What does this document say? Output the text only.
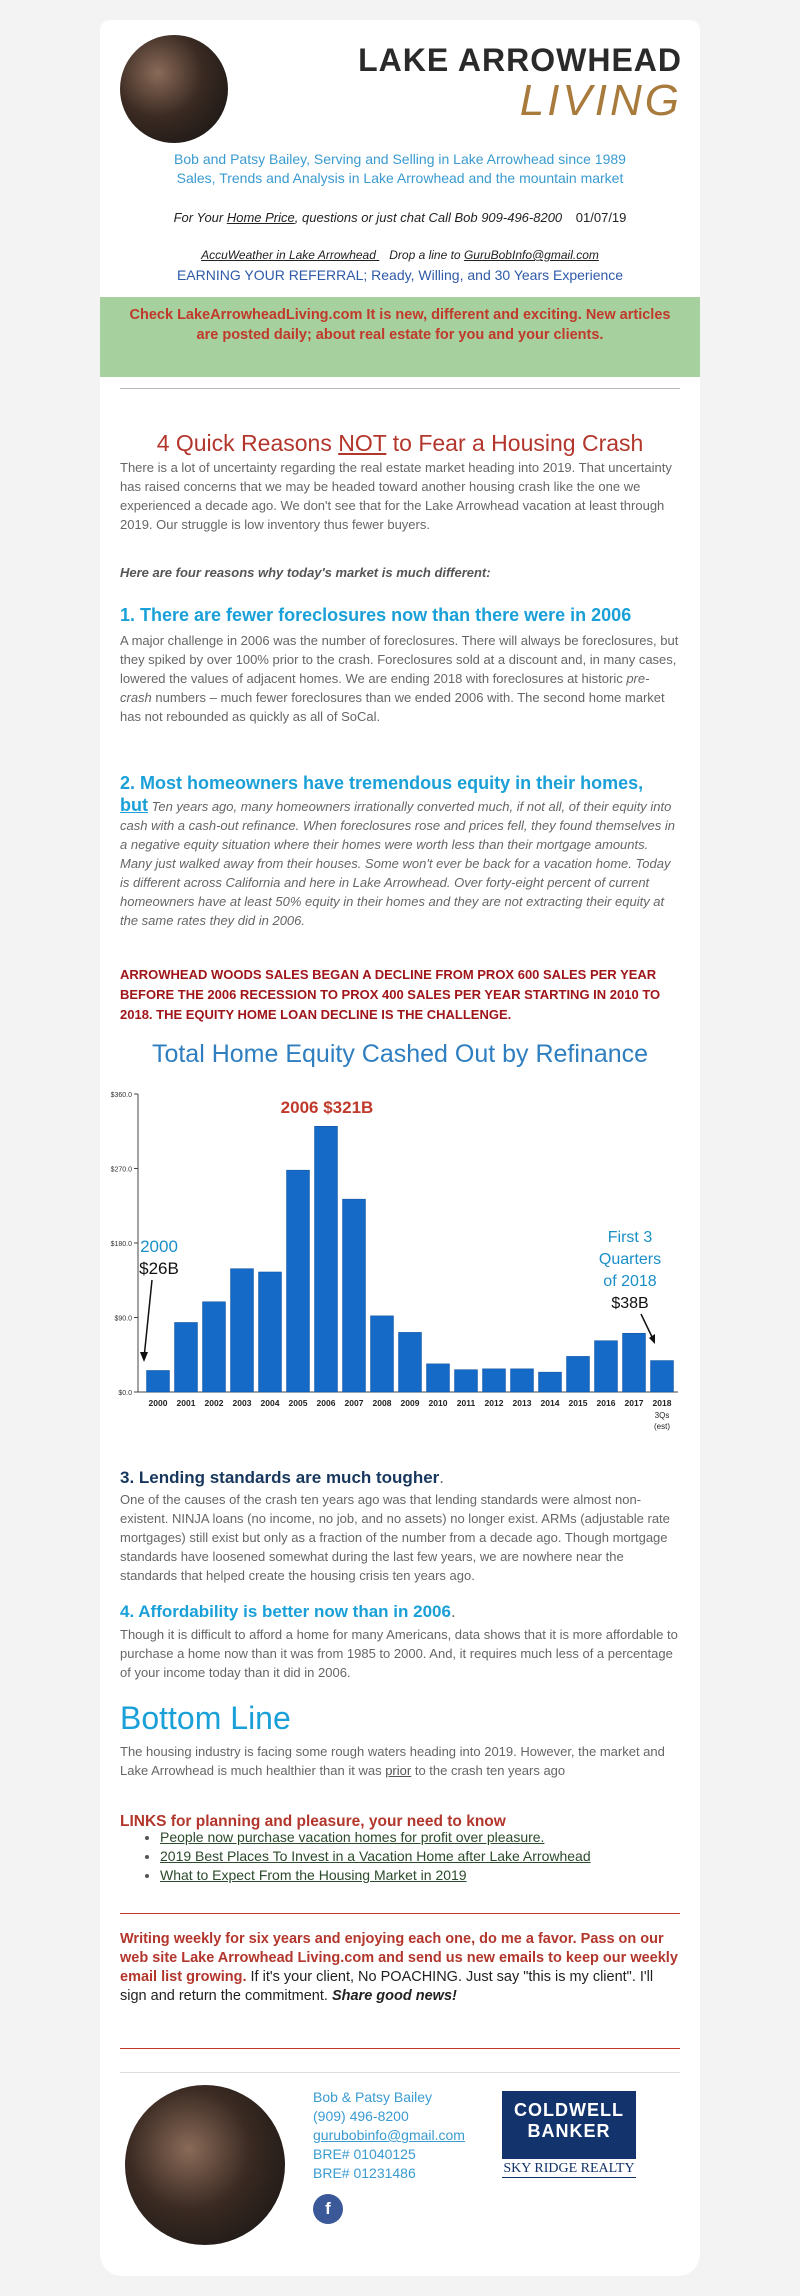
LAKE ARROWHEAD
LIVING
Bob and Patsy Bailey, Serving and Selling in Lake Arrowhead since 1989
Sales, Trends and Analysis in Lake Arrowhead and the mountain market
For Your Home Price, questions or just chat Call Bob 909-496-8200 01/07/19
AccuWeather in Lake Arrowhead Drop a line to GuruBobInfo@gmail.com
EARNING YOUR REFERRAL; Ready, Willing, and 30 Years Experience
Check LakeArrowheadLiving.com It is new, different and exciting. New articles are posted daily; about real estate for you and your clients.
4 Quick Reasons NOT to Fear a Housing Crash
There is a lot of uncertainty regarding the real estate market heading into 2019. That uncertainty has raised concerns that we may be headed toward another housing crash like the one we experienced a decade ago. We don't see that for the Lake Arrowhead vacation at least through 2019. Our struggle is low inventory thus fewer buyers.
Here are four reasons why today's market is much different:
1. There are fewer foreclosures now than there were in 2006
A major challenge in 2006 was the number of foreclosures. There will always be foreclosures, but they spiked by over 100% prior to the crash. Foreclosures sold at a discount and, in many cases, lowered the values of adjacent homes. We are ending 2018 with foreclosures at historic pre-crash numbers – much fewer foreclosures than we ended 2006 with. The second home market has not rebounded as quickly as all of SoCal.
2. Most homeowners have tremendous equity in their homes,
but Ten years ago, many homeowners irrationally converted much, if not all, of their equity into cash with a cash-out refinance. When foreclosures rose and prices fell, they found themselves in a negative equity situation where their homes were worth less than their mortgage amounts. Many just walked away from their houses. Some won't ever be back for a vacation home. Today is different across California and here in Lake Arrowhead. Over forty-eight percent of current homeowners have at least 50% equity in their homes and they are not extracting their equity at the same rates they did in 2006.
ARROWHEAD WOODS SALES BEGAN A DECLINE FROM PROX 600 SALES PER YEAR BEFORE THE 2006 RECESSION TO PROX 400 SALES PER YEAR STARTING IN 2010 TO 2018. THE EQUITY HOME LOAN DECLINE IS THE CHALLENGE.
Total Home Equity Cashed Out by Refinance
2006 $321B
2000
$26B
First 3
Quarters
of 2018
$38B
$0.0
$90.0
$180.0
$270.0
$360.0
2000 2001 2002 2003 2004 2005 2006 2007 2008 2009 2010 2011 2012 2013 2014 2015 2016 2017 2018
3Qs
(est)
3. Lending standards are much tougher.
One of the causes of the crash ten years ago was that lending standards were almost non-existent. NINJA loans (no income, no job, and no assets) no longer exist. ARMs (adjustable rate mortgages) still exist but only as a fraction of the number from a decade ago. Though mortgage standards have loosened somewhat during the last few years, we are nowhere near the standards that helped create the housing crisis ten years ago.
4. Affordability is better now than in 2006.
Though it is difficult to afford a home for many Americans, data shows that it is more affordable to purchase a home now than it was from 1985 to 2000. And, it requires much less of a percentage of your income today than it did in 2006.
Bottom Line
The housing industry is facing some rough waters heading into 2019. However, the market and Lake Arrowhead is much healthier than it was prior to the crash ten years ago
LINKS for planning and pleasure, your need to know
• People now purchase vacation homes for profit over pleasure.
• 2019 Best Places To Invest in a Vacation Home after Lake Arrowhead
• What to Expect From the Housing Market in 2019
Writing weekly for six years and enjoying each one, do me a favor. Pass on our web site Lake Arrowhead Living.com and send us new emails to keep our weekly email list growing. If it's your client, No POACHING. Just say "this is my client". I'll sign and return the commitment. Share good news!
Bob & Patsy Bailey
(909) 496-8200
gurubobinfo@gmail.com
BRE# 01040125
BRE# 01231486
f
COLDWELL
BANKER
SKY RIDGE REALTY
